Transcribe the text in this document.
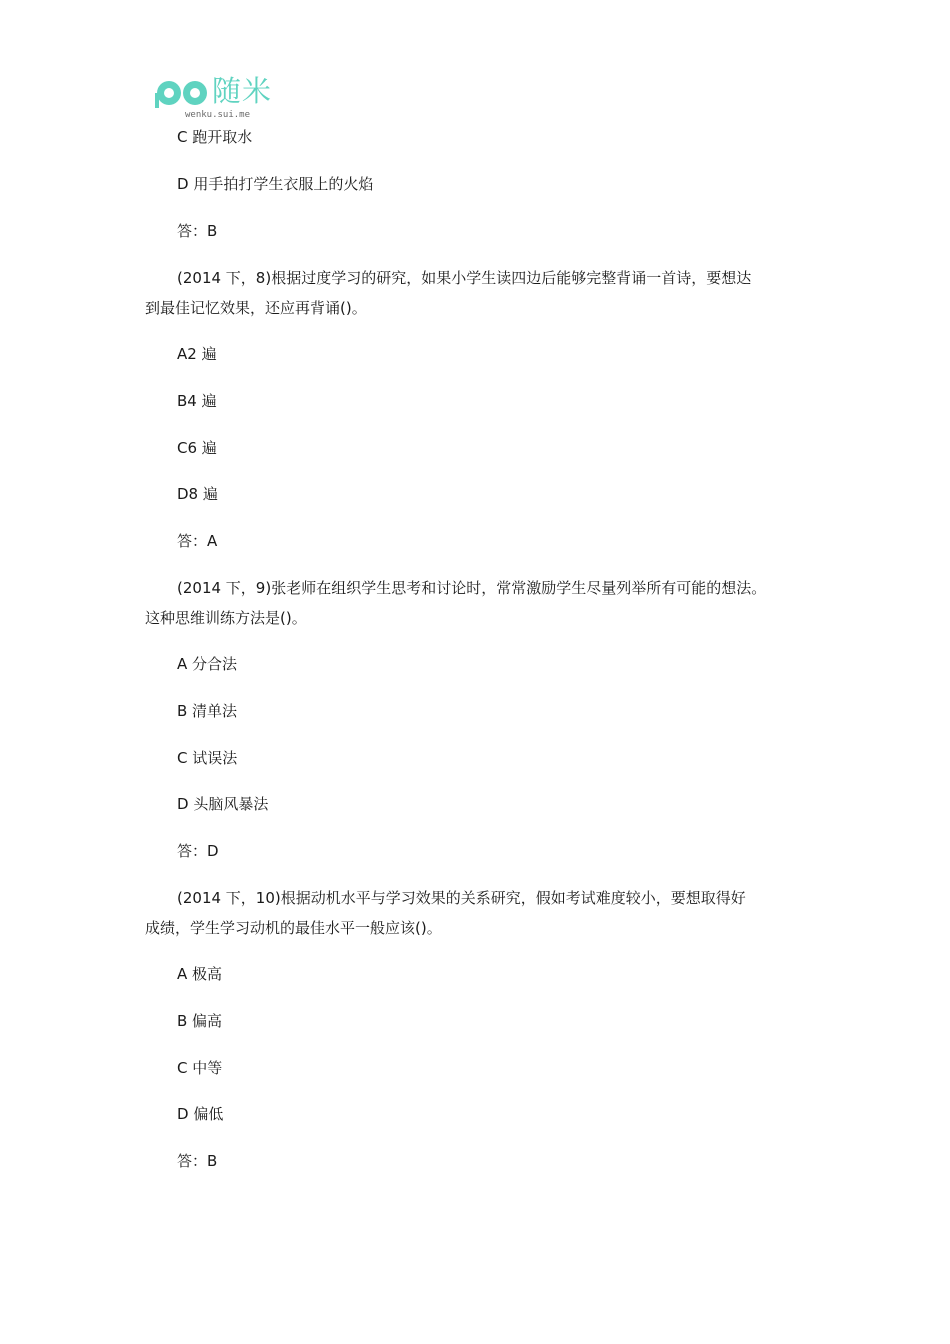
随米
wenku.sui.me
C 跑开取水
D 用手拍打学生衣服上的火焰
答：B
(2014 下，8)根据过度学习的研究，如果小学生读四边后能够完整背诵一首诗，要想达
到最佳记忆效果，还应再背诵()。
A2 遍
B4 遍
C6 遍
D8 遍
答：A
(2014 下，9)张老师在组织学生思考和讨论时，常常激励学生尽量列举所有可能的想法。
这种思维训练方法是()。
A 分合法
B 清单法
C 试误法
D 头脑风暴法
答：D
(2014 下，10)根据动机水平与学习效果的关系研究，假如考试难度较小，要想取得好
成绩，学生学习动机的最佳水平一般应该()。
A 极高
B 偏高
C 中等
D 偏低
答：B
